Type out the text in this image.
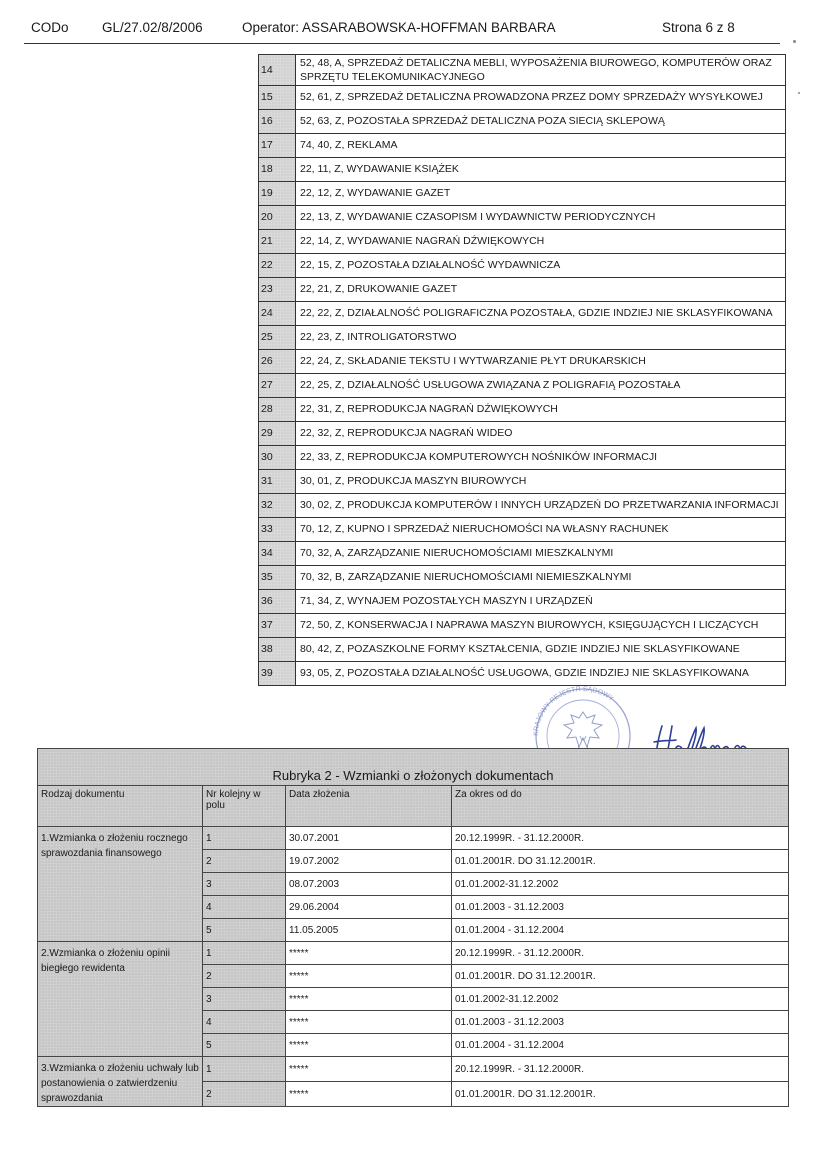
CODo GL/27.02/8/2006	Operator: ASSARABOWSKA-HOFFMAN BARBARA	Strona 6 z 8
14	52, 48, A, SPRZEDAŻ DETALICZNA MEBLI, WYPOSAŻENIA BIUROWEGO, KOMPUTERÓW ORAZ SPRZĘTU TELEKOMUNIKACYJNEGO
15	52, 61, Z, SPRZEDAŻ DETALICZNA PROWADZONA PRZEZ DOMY SPRZEDAŻY WYSYŁKOWEJ
16	52, 63, Z, POZOSTAŁA SPRZEDAŻ DETALICZNA POZA SIECIĄ SKLEPOWĄ
17	74, 40, Z, REKLAMA
18	22, 11, Z, WYDAWANIE KSIĄŻEK
19	22, 12, Z, WYDAWANIE GAZET
20	22, 13, Z, WYDAWANIE CZASOPISM I WYDAWNICTW PERIODYCZNYCH
21	22, 14, Z, WYDAWANIE NAGRAŃ DŹWIĘKOWYCH
22	22, 15, Z, POZOSTAŁA DZIAŁALNOŚĆ WYDAWNICZA
23	22, 21, Z, DRUKOWANIE GAZET
24	22, 22, Z, DZIAŁALNOŚĆ POLIGRAFICZNA POZOSTAŁA, GDZIE INDZIEJ NIE SKLASYFIKOWANA
25	22, 23, Z, INTROLIGATORSTWO
26	22, 24, Z, SKŁADANIE TEKSTU I WYTWARZANIE PŁYT DRUKARSKICH
27	22, 25, Z, DZIAŁALNOŚĆ USŁUGOWA ZWIĄZANA Z POLIGRAFIĄ POZOSTAŁA
28	22, 31, Z, REPRODUKCJA NAGRAŃ DŹWIĘKOWYCH
29	22, 32, Z, REPRODUKCJA NAGRAŃ WIDEO
30	22, 33, Z, REPRODUKCJA KOMPUTEROWYCH NOŚNIKÓW INFORMACJI
31	30, 01, Z, PRODUKCJA MASZYN BIUROWYCH
32	30, 02, Z, PRODUKCJA KOMPUTERÓW I INNYCH URZĄDZEŃ DO PRZETWARZANIA INFORMACJI
33	70, 12, Z, KUPNO I SPRZEDAŻ NIERUCHOMOŚCI NA WŁASNY RACHUNEK
34	70, 32, A, ZARZĄDZANIE NIERUCHOMOŚCIAMI MIESZKALNYMI
35	70, 32, B, ZARZĄDZANIE NIERUCHOMOŚCIAMI NIEMIESZKALNYMI
36	71, 34, Z, WYNAJEM POZOSTAŁYCH MASZYN I URZĄDZEŃ
37	72, 50, Z, KONSERWACJA I NAPRAWA MASZYN BIUROWYCH, KSIĘGUJĄCYCH I LICZĄCYCH
38	80, 42, Z, POZASZKOLNE FORMY KSZTAŁCENIA, GDZIE INDZIEJ NIE SKLASYFIKOWANE
39	93, 05, Z, POZOSTAŁA DZIAŁALNOŚĆ USŁUGOWA, GDZIE INDZIEJ NIE SKLASYFIKOWANA
KRAJOWY REJESTR SĄDOWY
Rubryka 2 - Wzmianki o złożonych dokumentach			
Rodzaj dokumentu	Nr kolejny w polu	Data złożenia	Za okres od do
1.Wzmianka o złożeniu rocznego sprawozdania finansowego	1	30.07.2001	20.12.1999R. - 31.12.2000R.
	2	19.07.2002	01.01.2001R. DO 31.12.2001R.
	3	08.07.2003	01.01.2002-31.12.2002
	4	29.06.2004	01.01.2003 - 31.12.2003
	5	11.05.2005	01.01.2004 - 31.12.2004
2.Wzmianka o złożeniu opinii biegłego rewidenta	1	*****	20.12.1999R. - 31.12.2000R.
	2	*****	01.01.2001R. DO 31.12.2001R.
	3	*****	01.01.2002-31.12.2002
	4	*****	01.01.2003 - 31.12.2003
	5	*****	01.01.2004 - 31.12.2004
3.Wzmianka o złożeniu uchwały lub postanowienia o zatwierdzeniu sprawozdania	1	*****	20.12.1999R. - 31.12.2000R.
	2	*****	01.01.2001R. DO 31.12.2001R.
